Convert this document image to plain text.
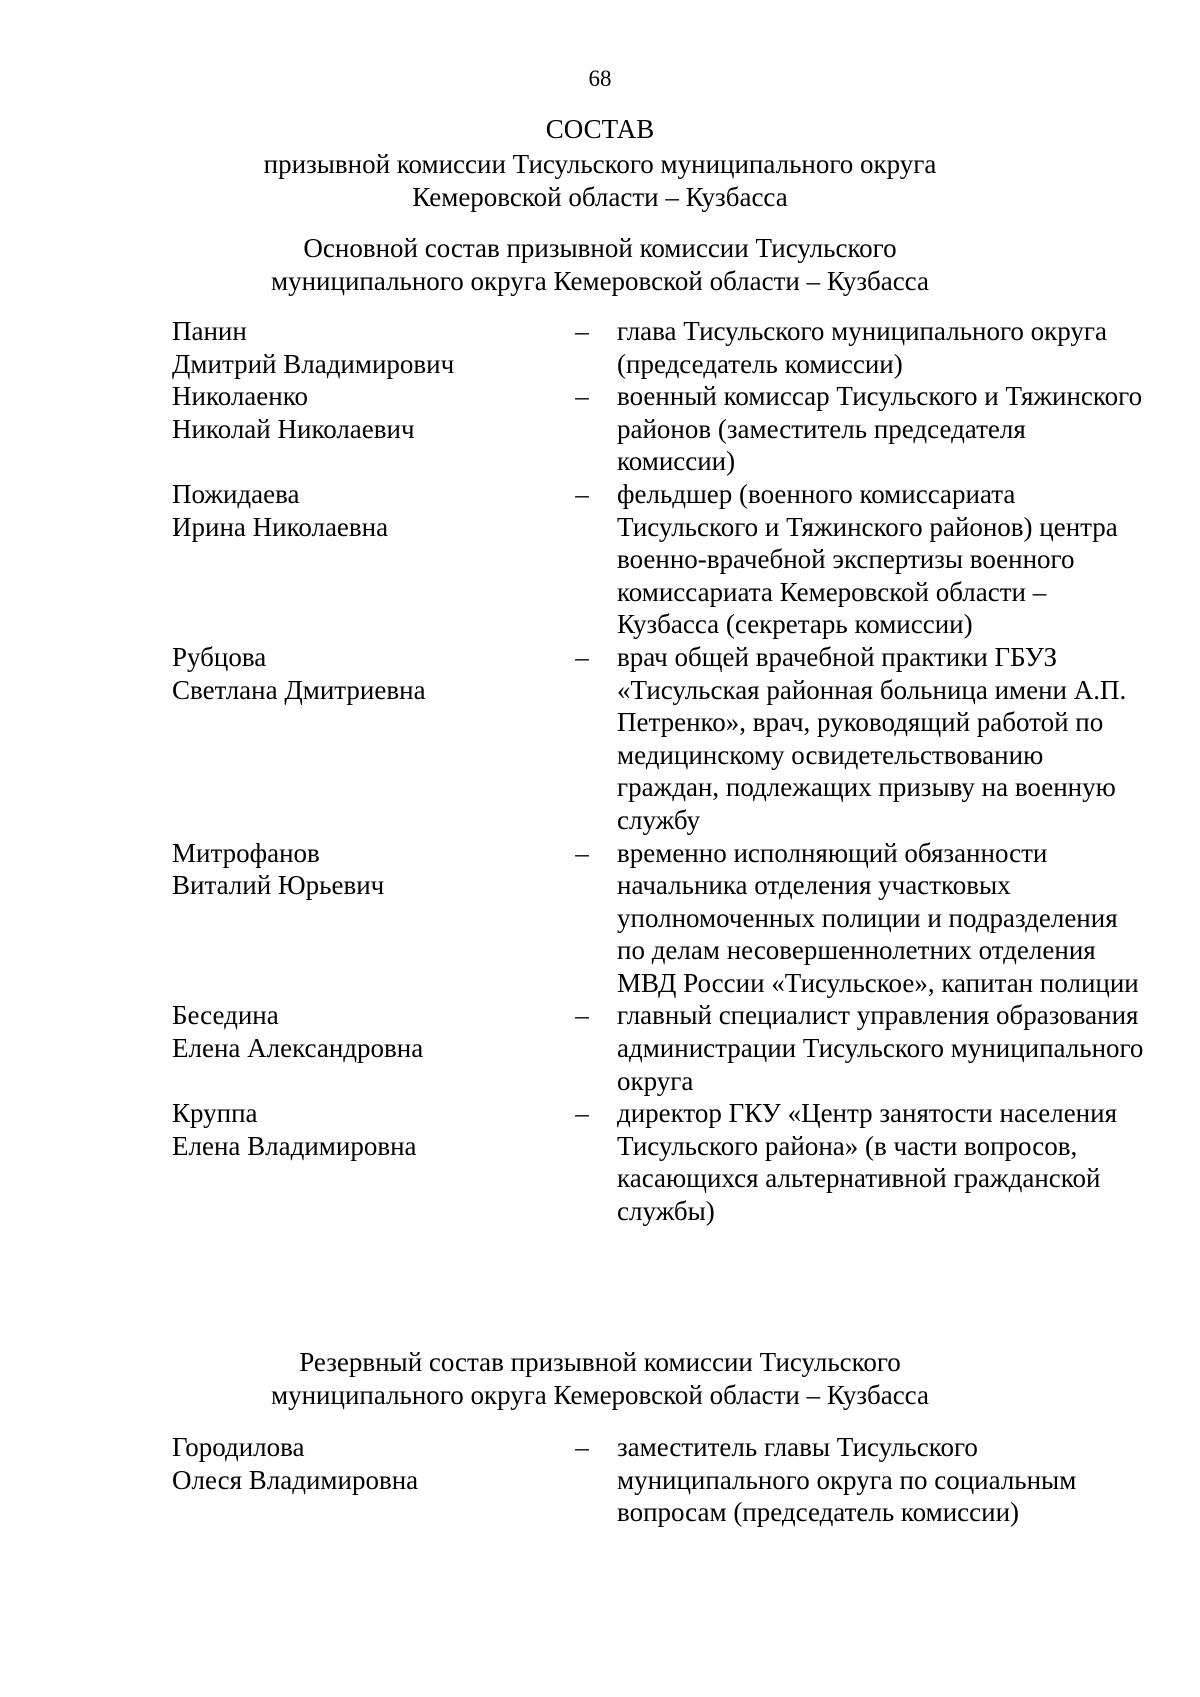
68
СОСТАВ
призывной комиссии Тисульского муниципального округа
Кемеровской области – Кузбасса
Основной состав призывной комиссии Тисульского
муниципального округа Кемеровской области – Кузбасса
Панин
Дмитрий Владимирович
– глава Тисульского муниципального округа (председатель комиссии)
Николаенко
Николай Николаевич
– военный комиссар Тисульского и Тяжинского районов (заместитель председателя комиссии)
Пожидаева
Ирина Николаевна
– фельдшер (военного комиссариата Тисульского и Тяжинского районов) центра военно-врачебной экспертизы военного комиссариата Кемеровской области – Кузбасса (секретарь комиссии)
Рубцова
Светлана Дмитриевна
– врач общей врачебной практики ГБУЗ «Тисульская районная больница имени А.П. Петренко», врач, руководящий работой по медицинскому освидетельствованию граждан, подлежащих призыву на военную службу
Митрофанов
Виталий Юрьевич
– временно исполняющий обязанности начальника отделения участковых уполномоченных полиции и подразделения по делам несовершеннолетних отделения МВД России «Тисульское», капитан полиции
Беседина
Елена Александровна
– главный специалист управления образования администрации Тисульского муниципального округа
Круппа
Елена Владимировна
– директор ГКУ «Центр занятости населения Тисульского района» (в части вопросов, касающихся альтернативной гражданской службы)
Резервный состав призывной комиссии Тисульского
муниципального округа Кемеровской области – Кузбасса
Городилова
Олеся Владимировна
– заместитель главы Тисульского муниципального округа по социальным вопросам (председатель комиссии)
